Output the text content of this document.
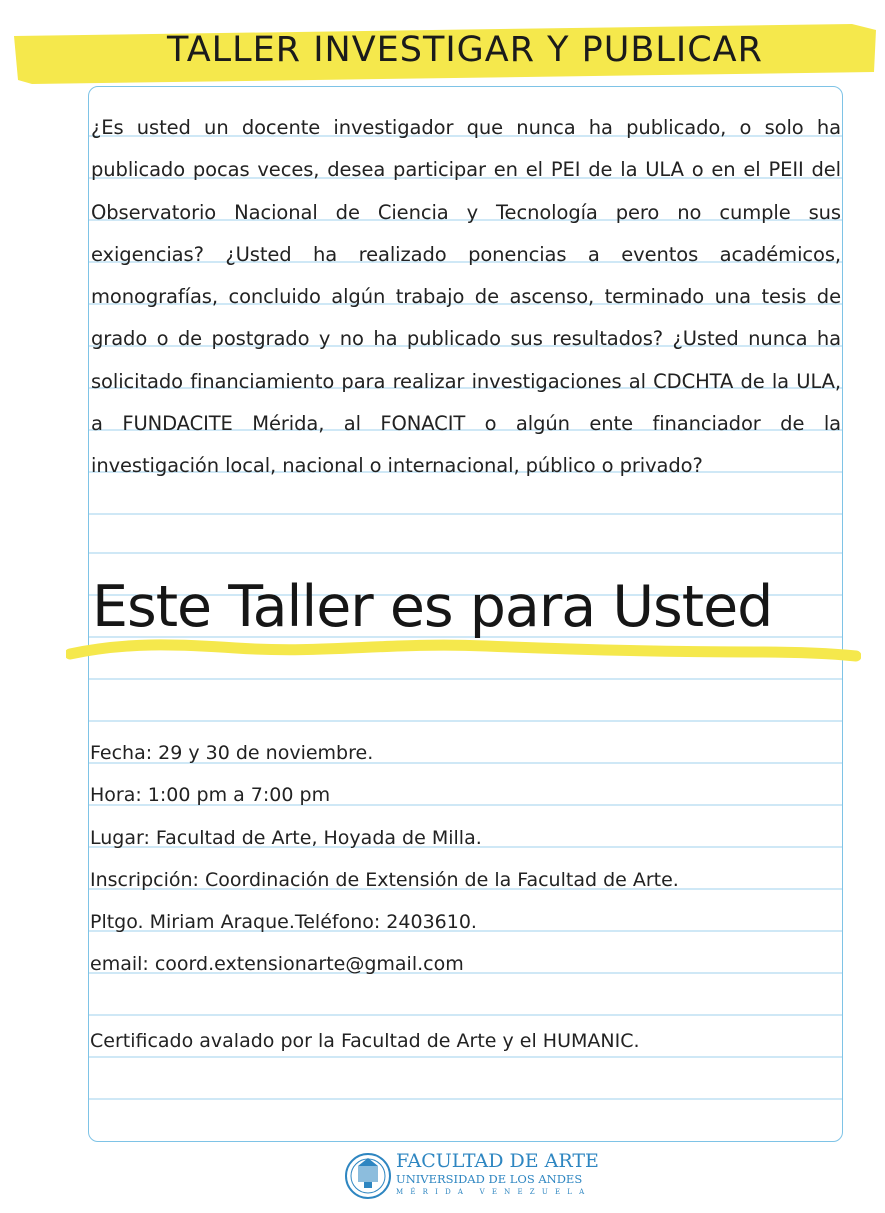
TALLER INVESTIGAR Y PUBLICAR
¿Es usted un docente investigador que nunca ha publicado, o solo ha publicado pocas veces, desea participar en el PEI de la ULA o en el PEII del Observatorio Nacional de Ciencia y Tecnología pero no cumple sus exigencias? ¿Usted ha realizado ponencias a eventos académicos, monografías, concluido algún trabajo de ascenso, terminado una tesis de grado o de postgrado y no ha publicado sus resultados? ¿Usted nunca ha solicitado financiamiento para realizar investigaciones al CDCHTA de la ULA, a FUNDACITE Mérida, al FONACIT o algún ente financiador de la investigación local, nacional o internacional, público o privado?
Este Taller es para Usted
Fecha: 29 y 30 de noviembre.
Hora: 1:00 pm a 7:00 pm
Lugar: Facultad de Arte, Hoyada de Milla.
Inscripción: Coordinación de Extensión de la Facultad de Arte.
Pltgo. Miriam Araque.Teléfono: 2403610.
email: coord.extensionarte@gmail.com
Certificado avalado por la Facultad de Arte y el HUMANIC.
FACULTAD DE ARTE
UNIVERSIDAD DE LOS ANDES
MÉRIDA VENEZUELA
